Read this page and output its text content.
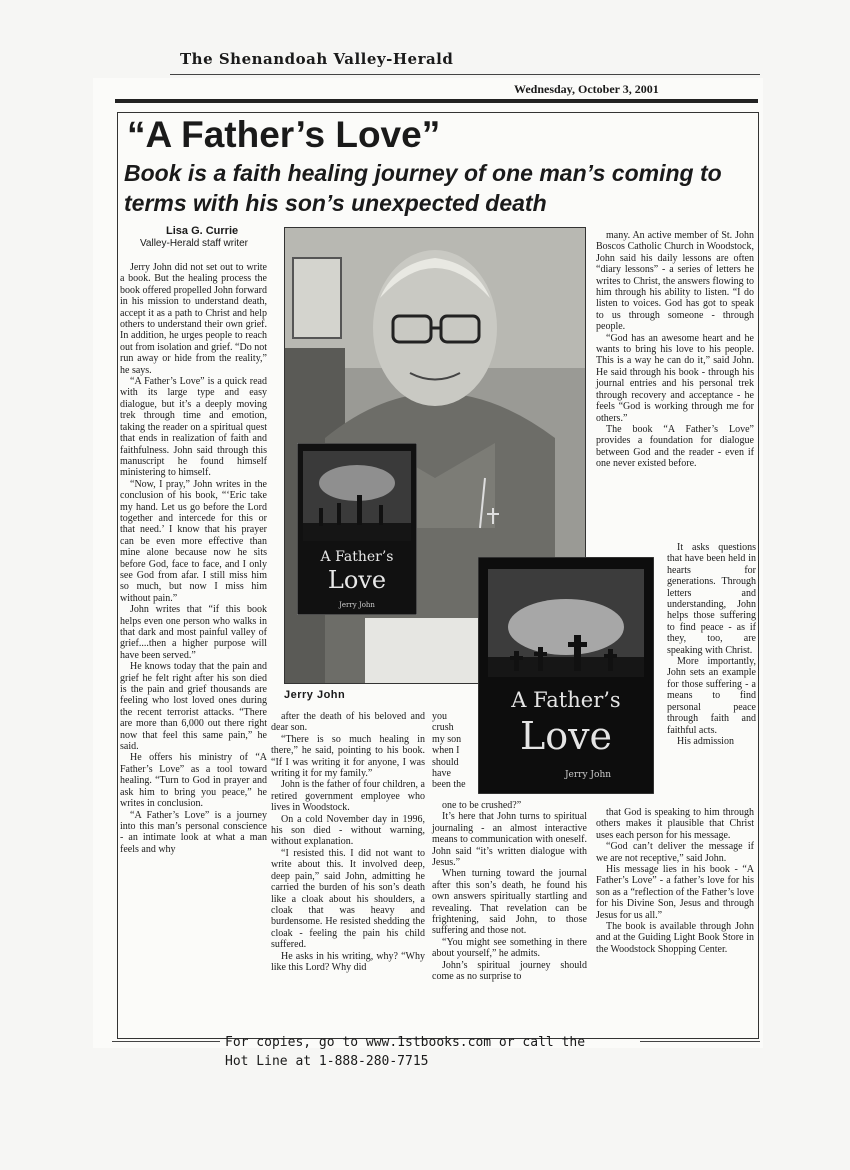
The Shenandoah Valley-Herald
Wednesday, October 3, 2001
“A Father’s Love”
Book is a faith healing journey of one man’s coming to terms with his son’s unexpected death
Lisa G. Currie
Valley-Herald staff writer

Jerry John did not set out to write a book. But the healing process the book offered propelled John forward in his mission to understand death, accept it as a path to Christ and help others to understand their own grief. In addition, he urges people to reach out from isolation and grief. “Do not run away or hide from the reality,” he says.

“A Father’s Love” is a quick read with its large type and easy dialogue, but it’s a deeply moving trek through time and emotion, taking the reader on a spiritual quest that ends in realization of faith and faithfulness. John said through this manuscript he found himself ministering to himself.

“Now, I pray,” John writes in the conclusion of his book, “‘Eric take my hand. Let us go before the Lord together and intercede for this or that need.’ I know that his prayer can be even more effective than mine alone because now he sits before God, face to face, and I only see God from afar. I still miss him so much, but now I miss him without pain.”

John writes that “if this book helps even one person who walks in that dark and most painful valley of grief....then a higher purpose will have been served.”

He knows today that the pain and grief he felt right after his son died is the pain and grief thousands are feeling who lost loved ones during the recent terrorist attacks. “There are more than 6,000 out there right now that feel this same pain,” he said.

He offers his ministry of “A Father’s Love” as a tool toward healing. “Turn to God in prayer and ask him to bring you peace,” he writes in conclusion.

“A Father’s Love” is a journey into this man’s personal conscience - an intimate look at what a man feels and why

A Father’s
Love
Jerry John
Jerry John	A Father’s
Love
Jerry John

after the death of his beloved and dear son.

“There is so much healing in there,” he said, pointing to his book. “If I was writing it for anyone, I was writing it for my family.”

John is the father of four children, a retired government employee who lives in Woodstock.

On a cold November day in 1996, his son died - without warning, without explanation.

“I resisted this. I did not want to write about this. It involved deep, deep pain,” said John, admitting he carried the burden of his son’s death like a cloak about his shoulders, a cloak that was heavy and burdensome. He resisted shedding the cloak - feeling the pain his child suffered.

He asks in his writing, why? “Why like this Lord? Why did

you
crush
my son
when I
should
have
been the

one to be crushed?”

It’s here that John turns to spiritual journaling - an almost interactive means to communication with oneself. John said “it’s written dialogue with Jesus.”

When turning toward the journal after this son’s death, he found his own answers spiritually startling and revealing. That revelation can be frightening, said John, to those suffering and those not.

“You might see something in there about yourself,” he admits.

John’s spiritual journey should come as no surprise to

many. An active member of St. John Boscos Catholic Church in Woodstock, John said his daily lessons are often “diary lessons” - a series of letters he writes to Christ, the answers flowing to him through his ability to listen. “I do listen to voices. God has got to speak to us through someone - through people.

“God has an awesome heart and he wants to bring his love to his people. This is a way he can do it,” said John. He said through his book - through his journal entries and his personal trek through recovery and acceptance - he feels “God is working through me for others.”

The book “A Father’s Love” provides a foundation for dialogue between God and the reader - even if one never existed before.

It asks questions that have been held in hearts for generations. Through letters and understanding, John helps those suffering to find peace - as if they, too, are speaking with Christ.

More importantly, John sets an example for those suffering - a means to find personal peace through faith and faithful acts.

His admission

that God is speaking to him through others makes it plausible that Christ uses each person for his message.

“God can’t deliver the message if we are not receptive,” said John.

His message lies in his book - “A Father’s Love” - a father’s love for his son as a “reflection of the Father’s love for his Divine Son, Jesus and through Jesus for us all.”

The book is available through John and at the Guiding Light Book Store in the Woodstock Shopping Center.

For copies, go to www.1stbooks.com or call the
Hot Line at 1-888-280-7715
